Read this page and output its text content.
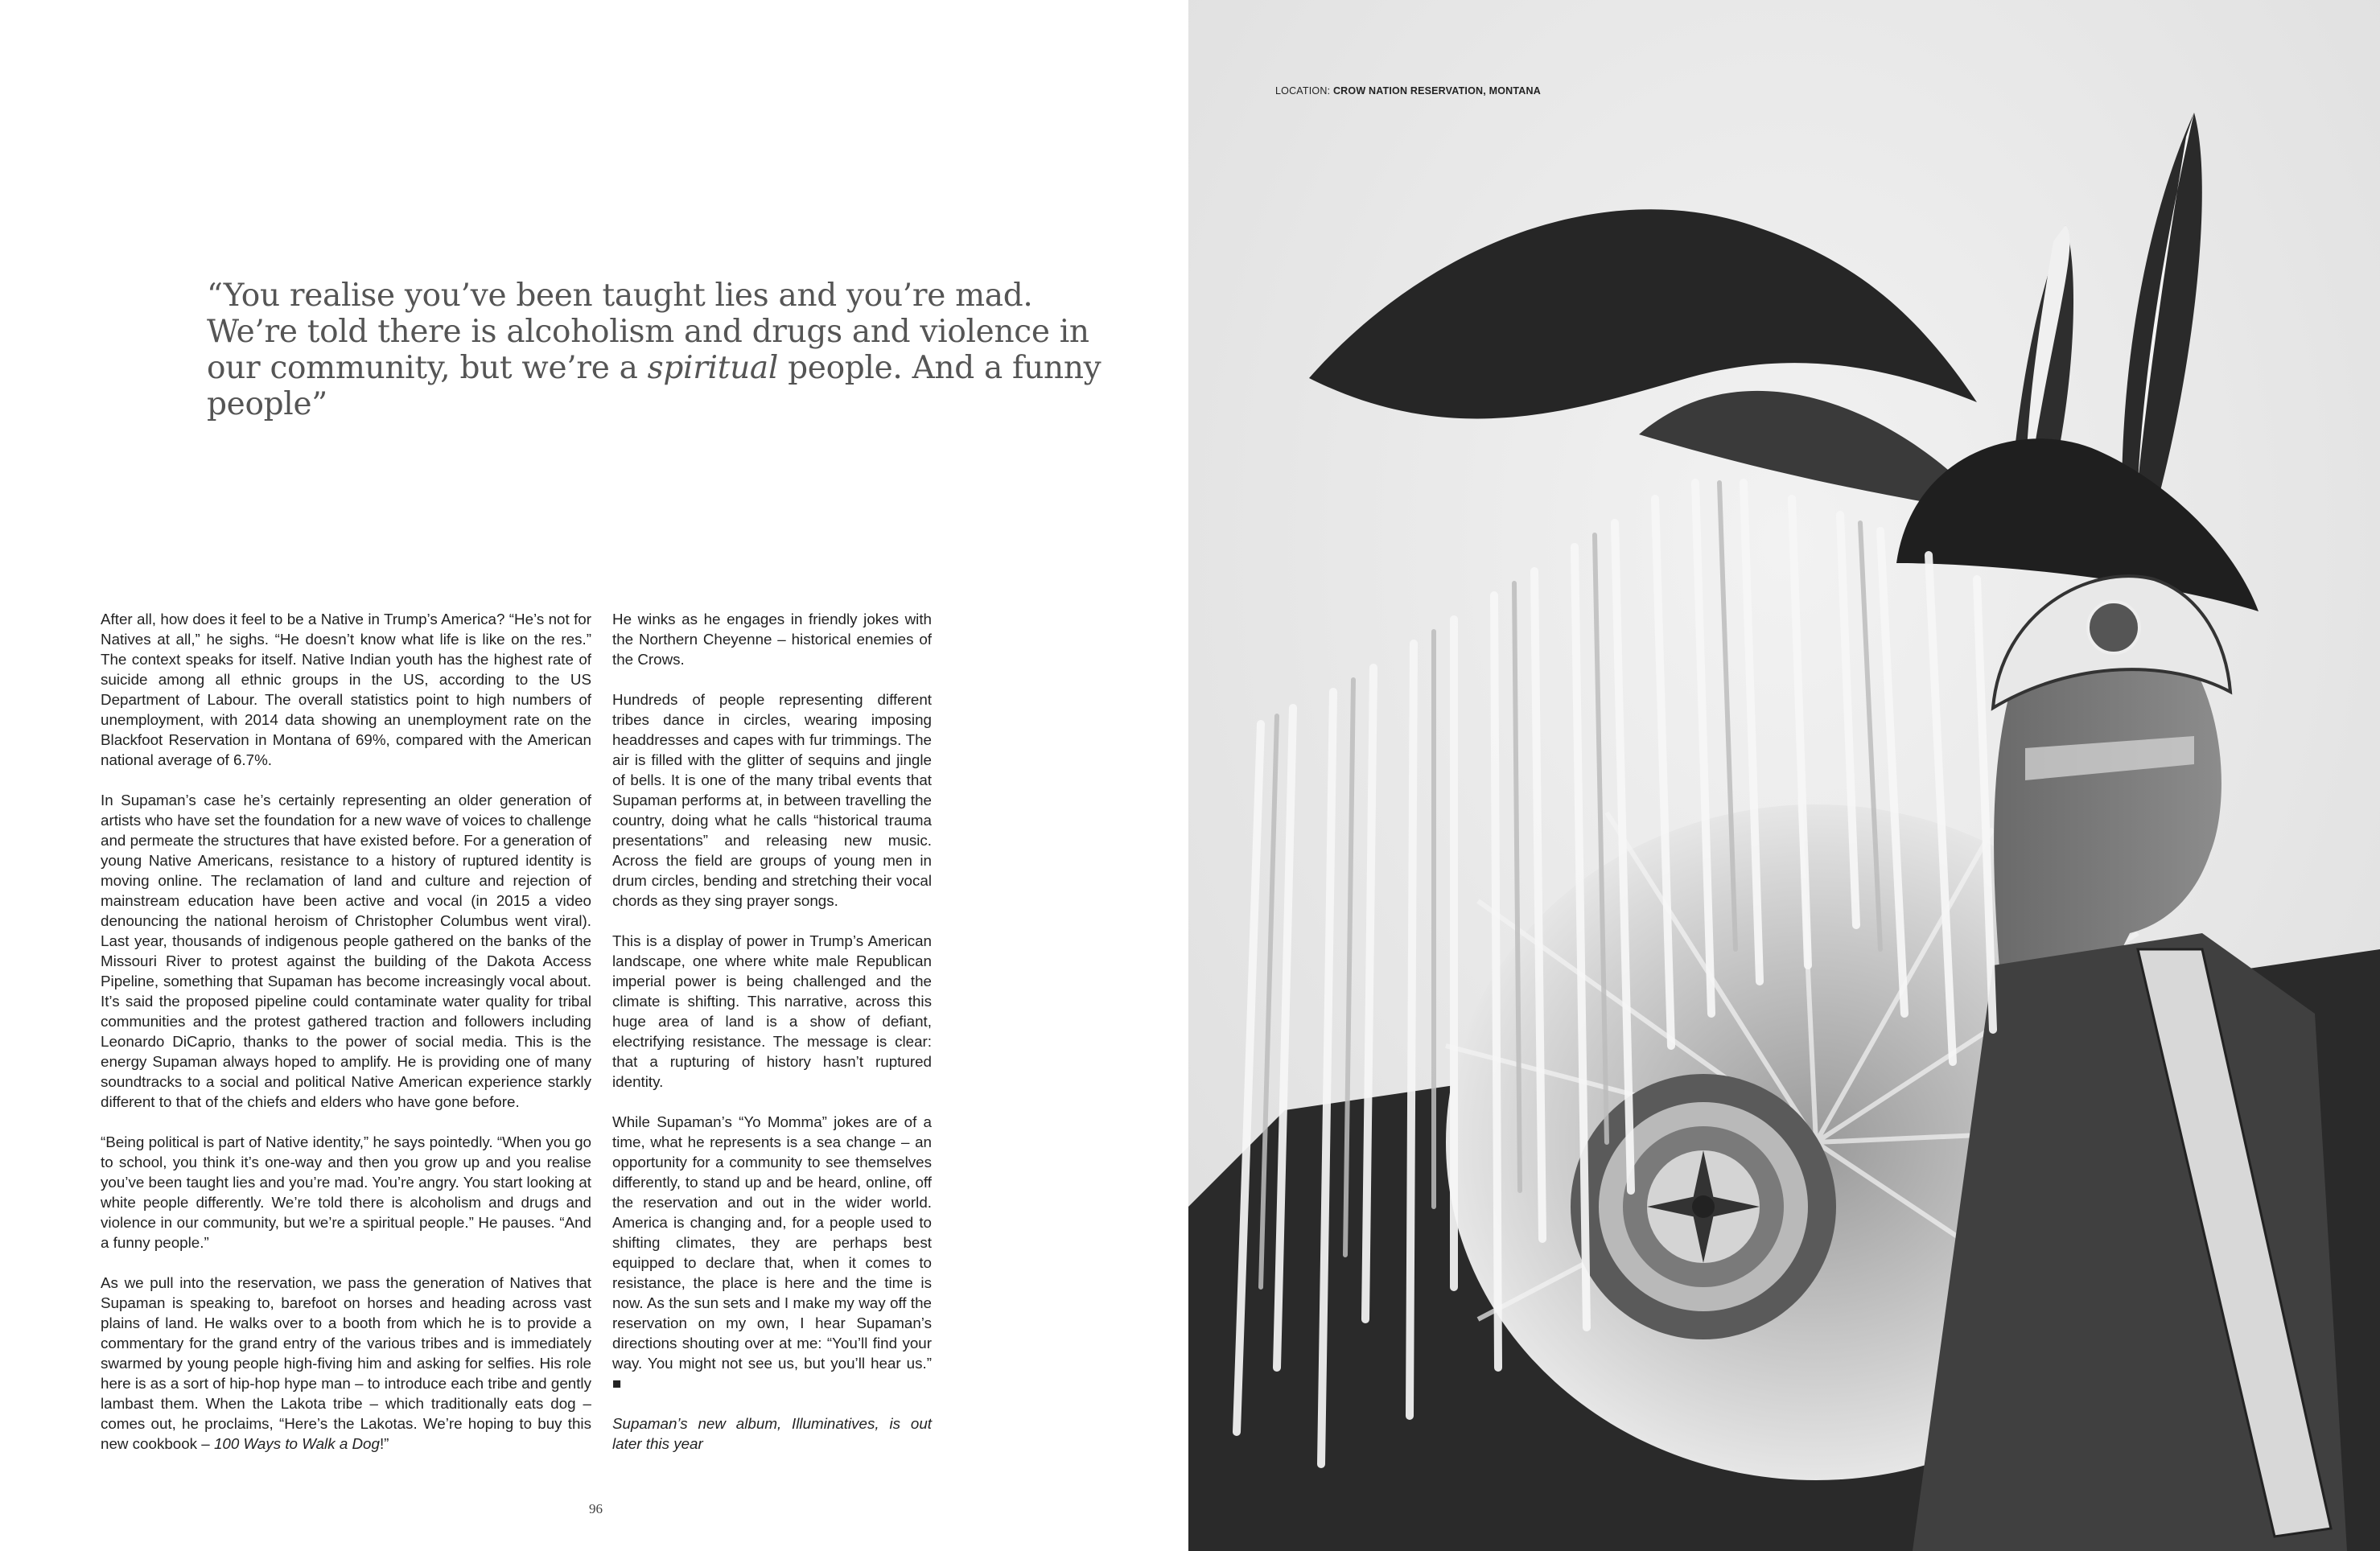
“You realise you’ve been taught lies and you’re mad. We’re told there is alcoholism and drugs and violence in our community, but we’re a spiritual people. And a funny people”

After all, how does it feel to be a Native in Trump’s America? “He’s not for Natives at all,” he sighs. “He doesn’t know what life is like on the res.” The context speaks for itself. Native Indian youth has the highest rate of suicide among all ethnic groups in the US, according to the US Department of Labour. The overall statistics point to high numbers of unemployment, with 2014 data showing an unemployment rate on the Blackfoot Reservation in Montana of 69%, compared with the American national average of 6.7%.

In Supaman’s case he’s certainly representing an older generation of artists who have set the foundation for a new wave of voices to challenge and permeate the structures that have existed before. For a generation of young Native Americans, resistance to a history of ruptured identity is moving online. The reclamation of land and culture and rejection of mainstream education have been active and vocal (in 2015 a video denouncing the national heroism of Christopher Columbus went viral). Last year, thousands of indigenous people gathered on the banks of the Missouri River to protest against the building of the Dakota Access Pipeline, something that Supaman has become increasingly vocal about. It’s said the proposed pipeline could contaminate water quality for tribal communities and the protest gathered traction and followers including Leonardo DiCaprio, thanks to the power of social media. This is the energy Supaman always hoped to amplify. He is providing one of many soundtracks to a social and political Native American experience starkly different to that of the chiefs and elders who have gone before.

“Being political is part of Native identity,” he says pointedly. “When you go to school, you think it’s one-way and then you grow up and you realise you’ve been taught lies and you’re mad. You’re angry. You start looking at white people differently. We’re told there is alcoholism and drugs and violence in our community, but we’re a spiritual people.” He pauses. “And a funny people.”

As we pull into the reservation, we pass the generation of Natives that Supaman is speaking to, barefoot on horses and heading across vast plains of land. He walks over to a booth from which he is to provide a commentary for the grand entry of the various tribes and is immediately swarmed by young people high-fiving him and asking for selfies. His role here is as a sort of hip-hop hype man – to introduce each tribe and gently lambast them. When the Lakota tribe – which traditionally eats dog – comes out, he proclaims, “Here’s the Lakotas. We’re hoping to buy this new cookbook – 100 Ways to Walk a Dog!”

He winks as he engages in friendly jokes with the Northern Cheyenne – historical enemies of the Crows.

Hundreds of people representing different tribes dance in circles, wearing imposing headdresses and capes with fur trimmings. The air is filled with the glitter of sequins and jingle of bells. It is one of the many tribal events that Supaman performs at, in between travelling the country, doing what he calls “historical trauma presentations” and releasing new music. Across the field are groups of young men in drum circles, bending and stretching their vocal chords as they sing prayer songs.

This is a display of power in Trump’s American landscape, one where white male Republican imperial power is being challenged and the climate is shifting. This narrative, across this huge area of land is a show of defiant, electrifying resistance. The message is clear: that a rupturing of history hasn’t ruptured identity.

While Supaman’s “Yo Momma” jokes are of a time, what he represents is a sea change – an opportunity for a community to see themselves differently, to stand up and be heard, online, off the reservation and out in the wider world. America is changing and, for a people used to shifting climates, they are perhaps best equipped to declare that, when it comes to resistance, the place is here and the time is now. As the sun sets and I make my way off the reservation on my own, I hear Supaman’s directions shouting over at me: “You’ll find your way. You might not see us, but you’ll hear us.” ■

Supaman’s new album, Illuminatives, is out later this year

96
LOCATION: CROW NATION RESERVATION, MONTANA
